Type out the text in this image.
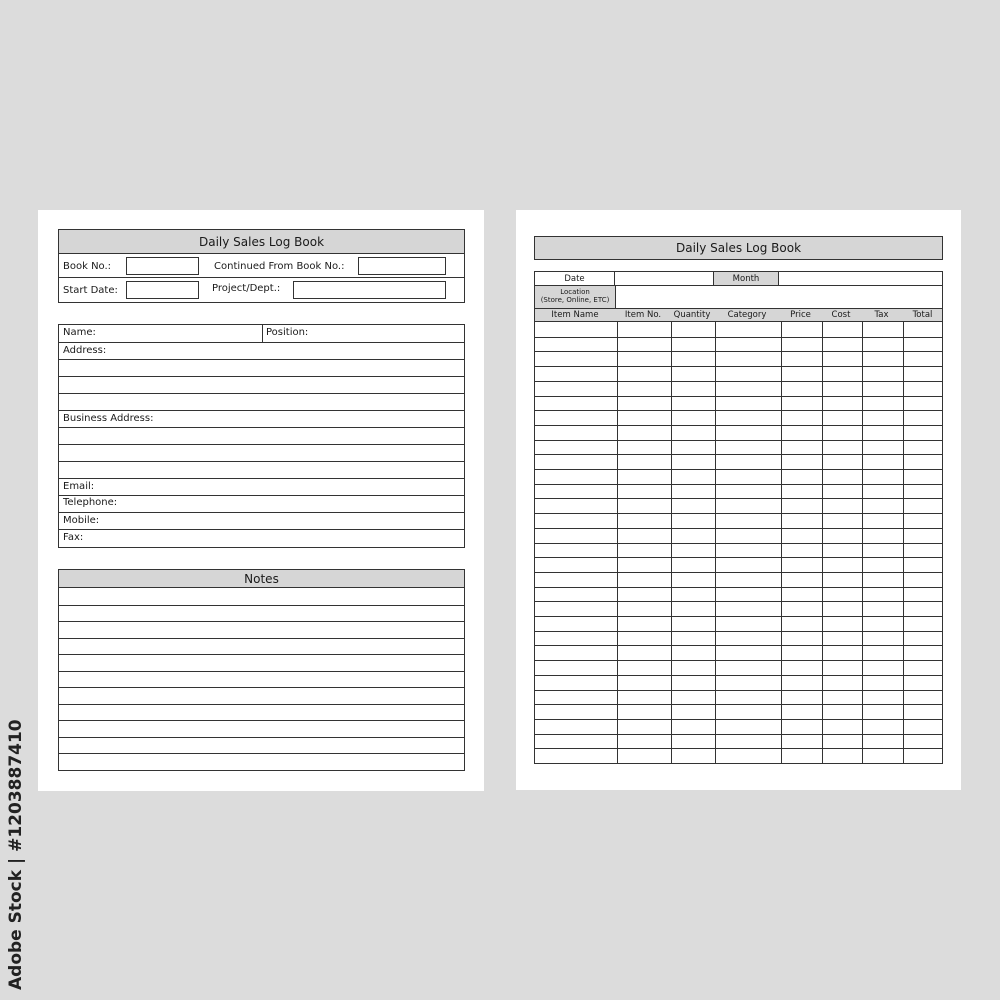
Daily Sales Log Book
Book No.:	Continued From Book No.:
Start Date:	Project/Dept.:
Name:	Position:
Address:
Business Address:
Email:
Telephone:
Mobile:
Fax:
Notes
Daily Sales Log Book
Date	Month
Location
(Store, Online, ETC)
Item Name	Item No.	Quantity	Category	Price	Cost	Tax	Total
Adobe Stock | #1203887410
